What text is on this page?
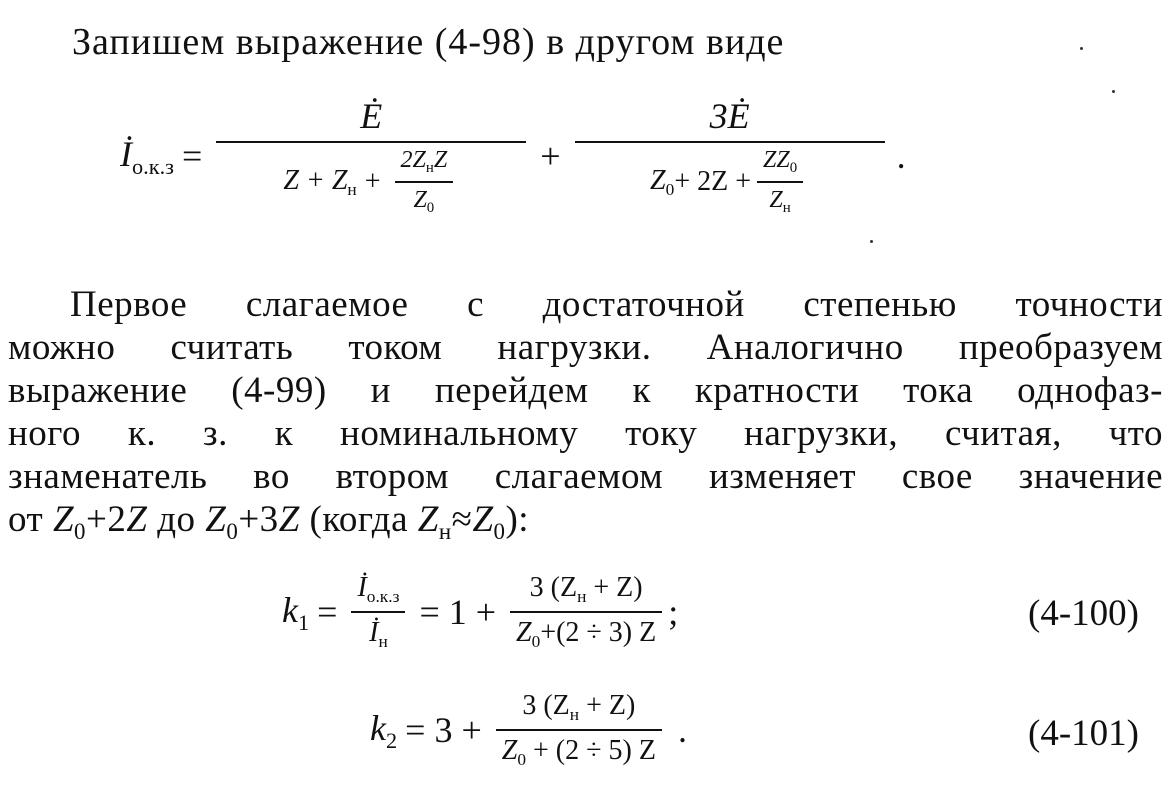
Запишем выражение (4-98) в другом виде
$İ_{о.к.з}$ =
Ė
$Z + Z_н + \frac{2Z_нZ}{Z_0}$ +
3Ė
$Z_0 + 2Z + \frac{ZZ_0}{Z_н}$	.
Первое слагаемое с достаточной степенью точности
можно считать током нагрузки. Аналогично преобразуем
выражение (4-99) и перейдем к кратности тока однофаз-
ного к. з. к номинальному току нагрузки, считая, что
знаменатель во втором слагаемом изменяет свое значение
от $Z_0+2Z$ до $Z_0+3Z$ (когда $Z_н\approx Z_0$):
$k_1 = \frac{İ_{о.к.з}}{İ_н} = 1 + \frac{3 (Z_н + Z)}{Z_0+(2 \div 3) Z}$ ;	(4-100)
$k_2 = 3 + \frac{3 (Z_н + Z)}{Z_0 + (2 \div 5) Z}$ .	(4-101)
